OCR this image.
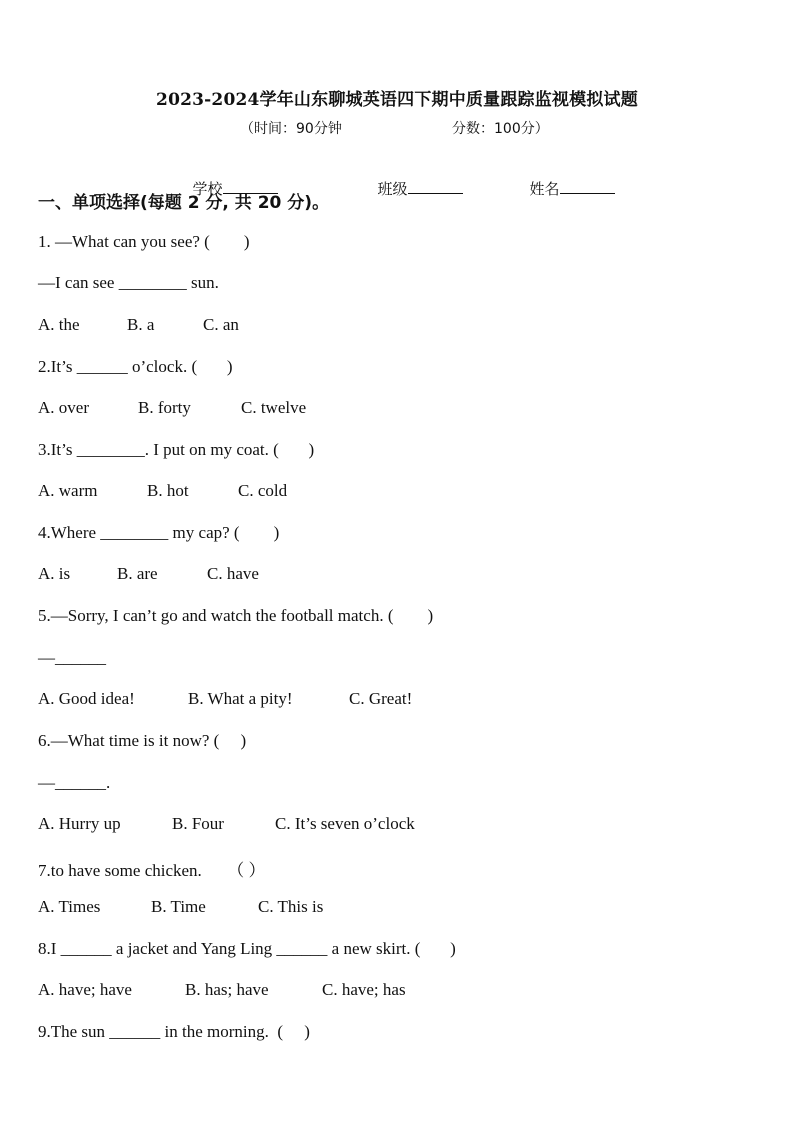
2023-2024学年山东聊城英语四下期中质量跟踪监视模拟试题
（时间：90分钟	分数：100分）

学校	班级	姓名

一、单项选择(每题 2 分, 共 20 分)。
1. —What can you see? (        )
—I can see ________ sun.
A. the	B. a	C. an
2.It’s ______ o’clock. (       )
A. over	B. forty	C. twelve
3.It’s ________. I put on my coat. (       )
A. warm	B. hot	C. cold
4.Where ________ my cap? (        )
A. is	B. are	C. have
5.—Sorry, I can’t go and watch the football match. (        )
—______
A. Good idea!	B. What a pity!	C. Great!
6.—What time is it now? (     )
—______.
A. Hurry up	B. Four	C. It’s seven o’clock
7.to have some chicken.      （ ）
A. Times	B. Time	C. This is
8.I ______ a jacket and Yang Ling ______ a new skirt. (       )
A. have; have	B. has; have	C. have; has
9.The sun ______ in the morning.  (     )
